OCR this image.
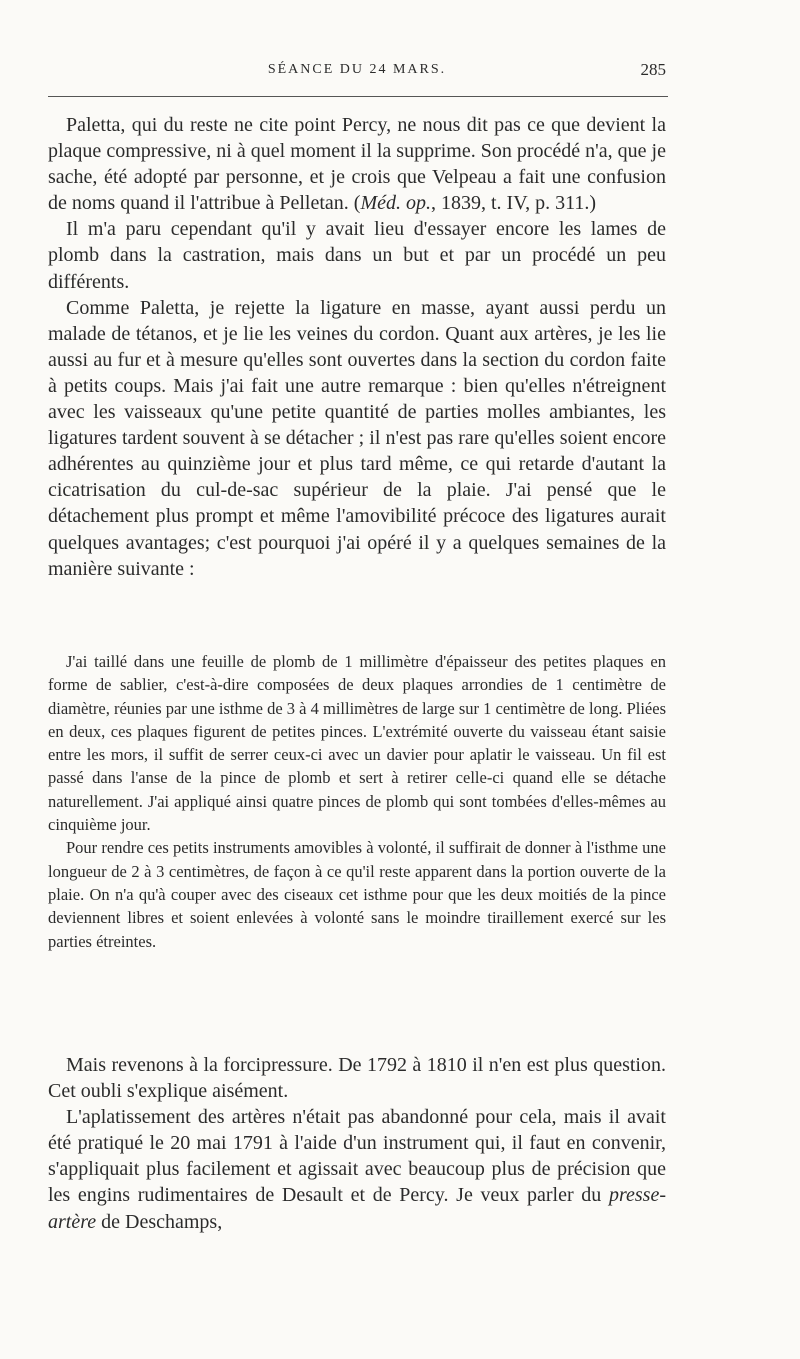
SÉANCE DU 24 MARS.	285

Paletta, qui du reste ne cite point Percy, ne nous dit pas ce que devient la plaque compressive, ni à quel moment il la supprime. Son procédé n'a, que je sache, été adopté par personne, et je crois que Velpeau a fait une confusion de noms quand il l'attribue à Pelletan. (Méd. op., 1839, t. IV, p. 311.)

Il m'a paru cependant qu'il y avait lieu d'essayer encore les lames de plomb dans la castration, mais dans un but et par un procédé un peu différents.

Comme Paletta, je rejette la ligature en masse, ayant aussi perdu un malade de tétanos, et je lie les veines du cordon. Quant aux artères, je les lie aussi au fur et à mesure qu'elles sont ouvertes dans la section du cordon faite à petits coups. Mais j'ai fait une autre remarque : bien qu'elles n'étreignent avec les vaisseaux qu'une petite quantité de parties molles ambiantes, les ligatures tardent souvent à se détacher ; il n'est pas rare qu'elles soient encore adhérentes au quinzième jour et plus tard même, ce qui retarde d'autant la cicatrisation du cul-de-sac supérieur de la plaie. J'ai pensé que le détachement plus prompt et même l'amovibilité précoce des ligatures aurait quelques avantages; c'est pourquoi j'ai opéré il y a quelques semaines de la manière suivante :

J'ai taillé dans une feuille de plomb de 1 millimètre d'épaisseur des petites plaques en forme de sablier, c'est-à-dire composées de deux plaques arrondies de 1 centimètre de diamètre, réunies par une isthme de 3 à 4 millimètres de large sur 1 centimètre de long. Pliées en deux, ces plaques figurent de petites pinces. L'extrémité ouverte du vaisseau étant saisie entre les mors, il suffit de serrer ceux-ci avec un davier pour aplatir le vaisseau. Un fil est passé dans l'anse de la pince de plomb et sert à retirer celle-ci quand elle se détache naturellement. J'ai appliqué ainsi quatre pinces de plomb qui sont tombées d'elles-mêmes au cinquième jour.

Pour rendre ces petits instruments amovibles à volonté, il suffirait de donner à l'isthme une longueur de 2 à 3 centimètres, de façon à ce qu'il reste apparent dans la portion ouverte de la plaie. On n'a qu'à couper avec des ciseaux cet isthme pour que les deux moitiés de la pince deviennent libres et soient enlevées à volonté sans le moindre tiraillement exercé sur les parties étreintes.

Mais revenons à la forcipressure. De 1792 à 1810 il n'en est plus question. Cet oubli s'explique aisément.

L'aplatissement des artères n'était pas abandonné pour cela, mais il avait été pratiqué le 20 mai 1791 à l'aide d'un instrument qui, il faut en convenir, s'appliquait plus facilement et agissait avec beaucoup plus de précision que les engins rudimentaires de Desault et de Percy. Je veux parler du presse-artère de Deschamps,
